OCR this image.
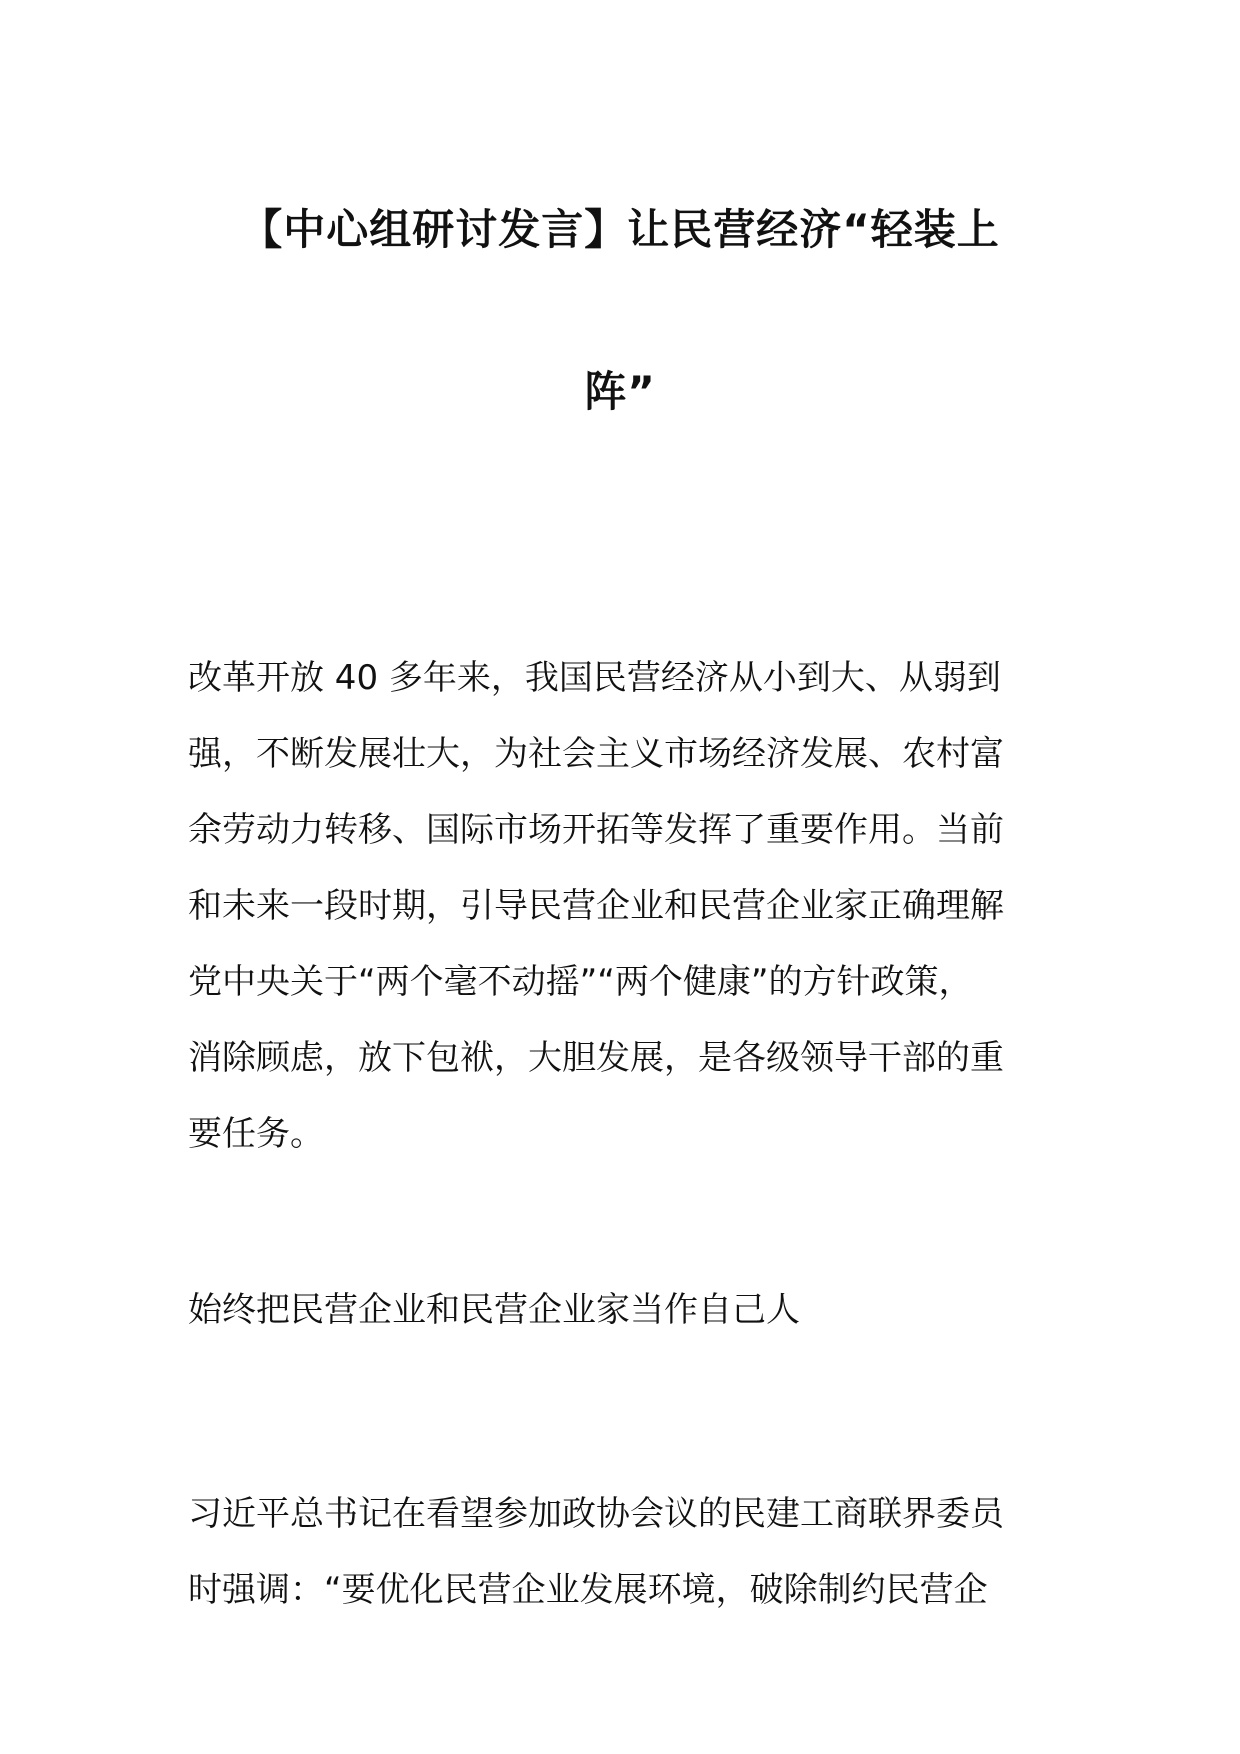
【中心组研讨发言】让民营经济“轻装上
阵”

改革开放 40 多年来，我国民营经济从小到大、从弱到
强，不断发展壮大，为社会主义市场经济发展、农村富
余劳动力转移、国际市场开拓等发挥了重要作用。当前
和未来一段时期，引导民营企业和民营企业家正确理解
党中央关于“两个毫不动摇”“两个健康”的方针政策，
消除顾虑，放下包袱，大胆发展，是各级领导干部的重
要任务。

始终把民营企业和民营企业家当作自己人

习近平总书记在看望参加政协会议的民建工商联界委员
时强调：“要优化民营企业发展环境，破除制约民营企
